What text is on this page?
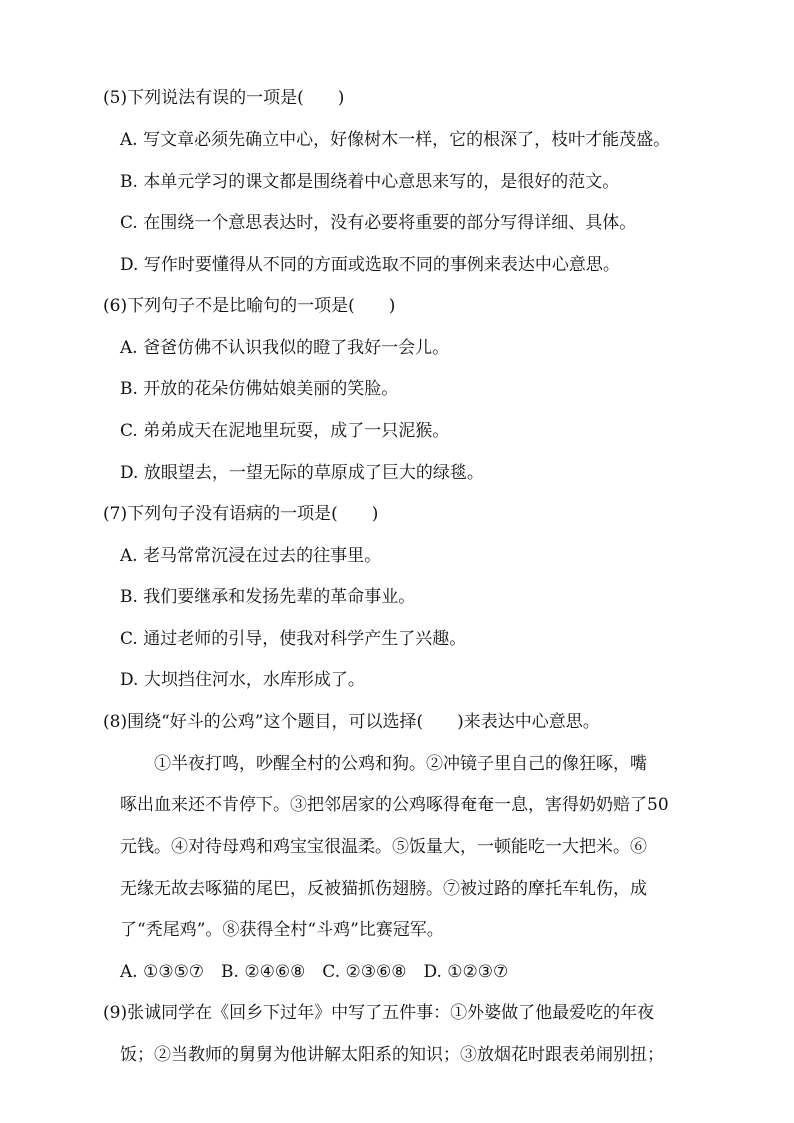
(5)下列说法有误的一项是(　　)
A. 写文章必须先确立中心，好像树木一样，它的根深了，枝叶才能茂盛。
B. 本单元学习的课文都是围绕着中心意思来写的，是很好的范文。
C. 在围绕一个意思表达时，没有必要将重要的部分写得详细、具体。
D. 写作时要懂得从不同的方面或选取不同的事例来表达中心意思。
(6)下列句子不是比喻句的一项是(　　)
A. 爸爸仿佛不认识我似的瞪了我好一会儿。
B. 开放的花朵仿佛姑娘美丽的笑脸。
C. 弟弟成天在泥地里玩耍，成了一只泥猴。
D. 放眼望去，一望无际的草原成了巨大的绿毯。
(7)下列句子没有语病的一项是(　　)
A. 老马常常沉浸在过去的往事里。
B. 我们要继承和发扬先辈的革命事业。
C. 通过老师的引导，使我对科学产生了兴趣。
D. 大坝挡住河水，水库形成了。
(8)围绕“好斗的公鸡”这个题目，可以选择(　　)来表达中心意思。
　　①半夜打鸣，吵醒全村的公鸡和狗。②冲镜子里自己的像狂啄，嘴
啄出血来还不肯停下。③把邻居家的公鸡啄得奄奄一息，害得奶奶赔了50
元钱。④对待母鸡和鸡宝宝很温柔。⑤饭量大，一顿能吃一大把米。⑥
无缘无故去啄猫的尾巴，反被猫抓伤翅膀。⑦被过路的摩托车轧伤，成
了“秃尾鸡”。⑧获得全村“斗鸡”比赛冠军。
A. ①③⑤⑦　B. ②④⑥⑧　C. ②③⑥⑧　D. ①②③⑦
(9)张诚同学在《回乡下过年》中写了五件事：①外婆做了他最爱吃的年夜
饭；②当教师的舅舅为他讲解太阳系的知识；③放烟花时跟表弟闹别扭；
